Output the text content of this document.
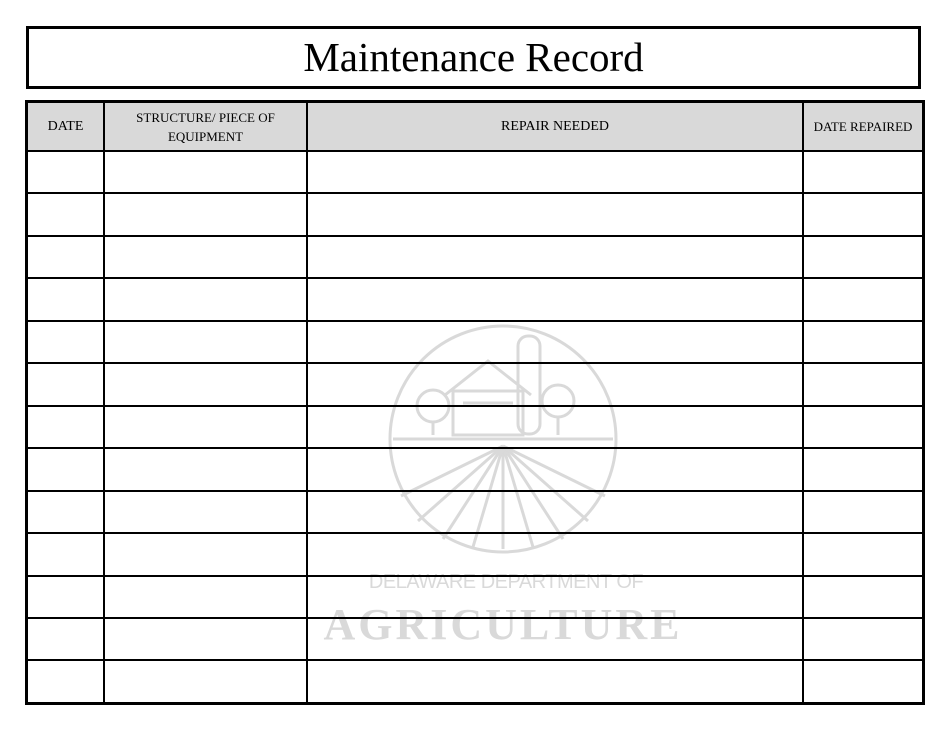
Maintenance Record
DELAWARE DEPARTMENT OF
AGRICULTURE
DATE	STRUCTURE/ PIECE OF EQUIPMENT	REPAIR NEEDED	DATE REPAIRED
